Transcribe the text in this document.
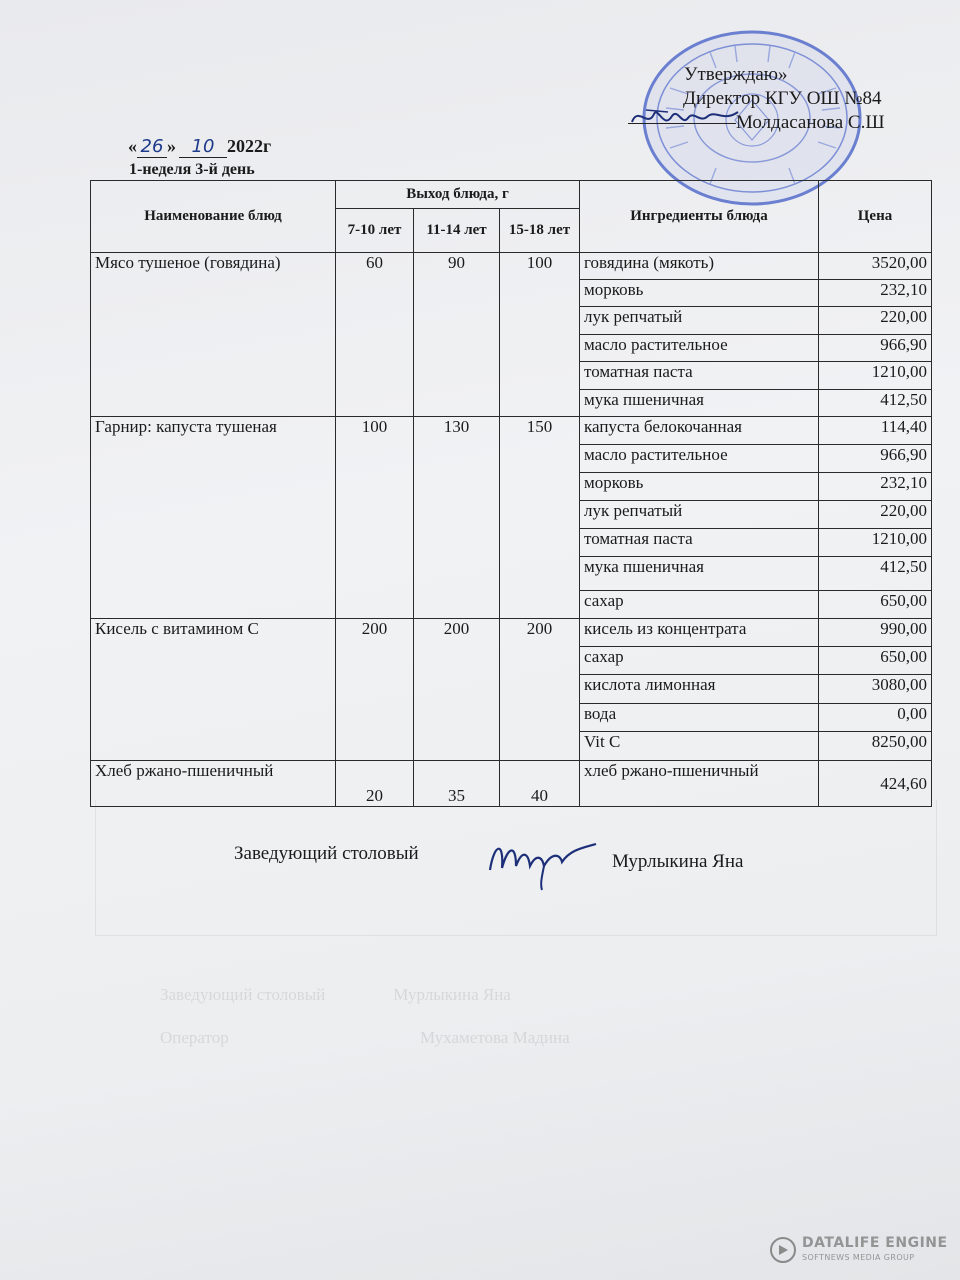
Заведующий столовый                Мурлыкина Яна
Оператор                                             Мухаметова Мадина
Утверждаю»
Директор КГУ ОШ №84
Молдасанова С.Ш
« 26 » 10 2022г
1-неделя 3-й день
Наименование блюд	Выход блюда, г			Ингредиенты блюда	Цена
	7-10 лет	11-14 лет	15-18 лет		
Мясо тушеное (говядина)	60	90	100	говядина (мякоть)	3520,00
				морковь	232,10
				лук репчатый	220,00
				масло растительное	966,90
				томатная паста	1210,00
				мука пшеничная	412,50
Гарнир: капуста тушеная	100	130	150	капуста белокочанная	114,40
				масло растительное	966,90
				морковь	232,10
				лук репчатый	220,00
				томатная паста	1210,00
				мука пшеничная	412,50
				сахар	650,00
Кисель с витамином С	200	200	200	кисель из концентрата	990,00
				сахар	650,00
				кислота лимонная	3080,00
				вода	0,00
				Vit C	8250,00
Хлеб ржано-пшеничный	20	35	40	хлеб ржано-пшеничный	424,60
Заведующий столовый	Мурлыкина Яна
DATALIFE ENGINE
SOFTNEWS MEDIA GROUP
